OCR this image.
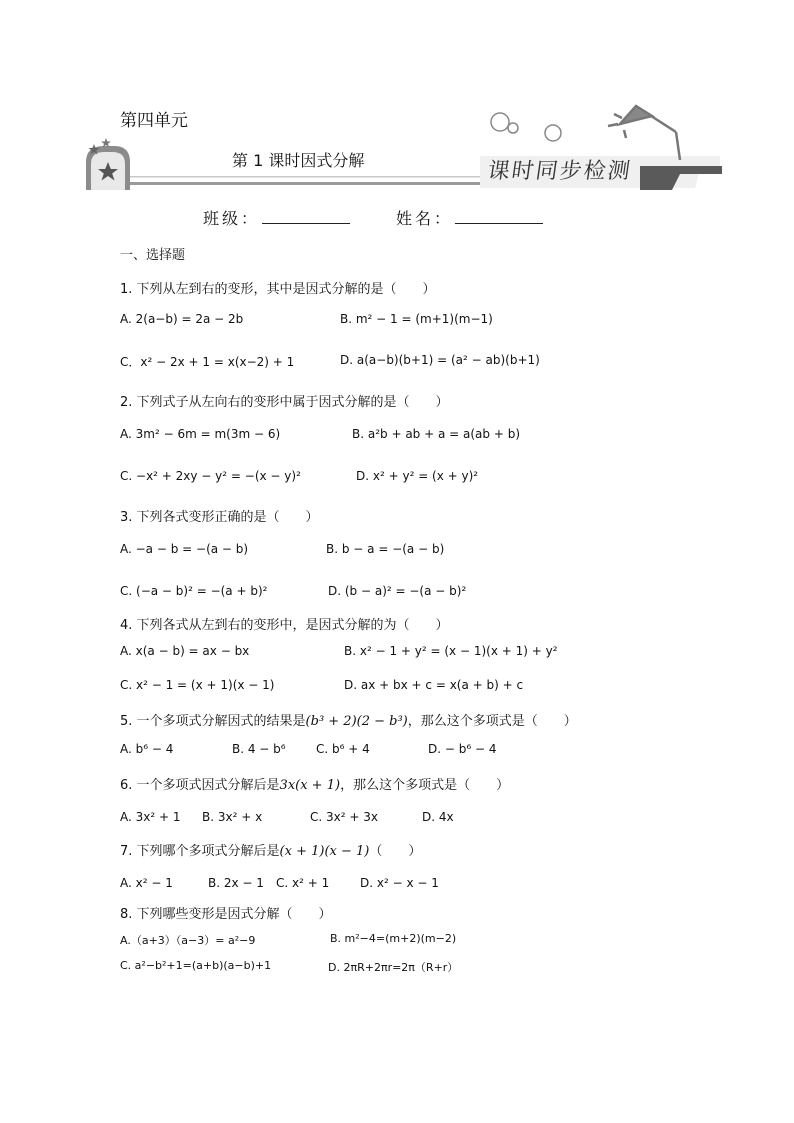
第四单元
第 1 课时因式分解	课时同步检测
班级：	姓名：
一、选择题
1. 下列从左到右的变形，其中是因式分解的是（　　）
A. 2(a−b) = 2a − 2b	B. m² − 1 = (m+1)(m−1)
C．x² − 2x + 1 = x(x−2) + 1	D. a(a−b)(b+1) = (a² − ab)(b+1)
2. 下列式子从左向右的变形中属于因式分解的是（　　）
A. 3m² − 6m = m(3m − 6)	B. a²b + ab + a = a(ab + b)
C. −x² + 2xy − y² = −(x − y)²	D. x² + y² = (x + y)²
3. 下列各式变形正确的是（　　）
A. −a − b = −(a − b)	B. b − a = −(a − b)
C. (−a − b)² = −(a + b)²	D. (b − a)² = −(a − b)²
4. 下列各式从左到右的变形中，是因式分解的为（　　）
A. x(a − b) = ax − bx	B. x² − 1 + y² = (x − 1)(x + 1) + y²
C. x² − 1 = (x + 1)(x − 1)	D. ax + bx + c = x(a + b) + c
5. 一个多项式分解因式的结果是(b³ + 2)(2 − b³)，那么这个多项式是（　　）
A. b⁶ − 4	B. 4 − b⁶	C. b⁶ + 4	D. − b⁶ − 4
6. 一个多项式因式分解后是3x(x + 1)，那么这个多项式是（　　）
A. 3x² + 1 B. 3x² + x	C. 3x² + 3x	D. 4x
7. 下列哪个多项式分解后是(x + 1)(x − 1)（　　）
A. x² − 1	B. 2x − 1 C. x² + 1	D. x² − x − 1
8. 下列哪些变形是因式分解（　　）
A.（a+3）（a−3）= a²−9	B. m²−4=(m+2)(m−2)
C. a²−b²+1=(a+b)(a−b)+1	D. 2πR+2πr=2π（R+r）
